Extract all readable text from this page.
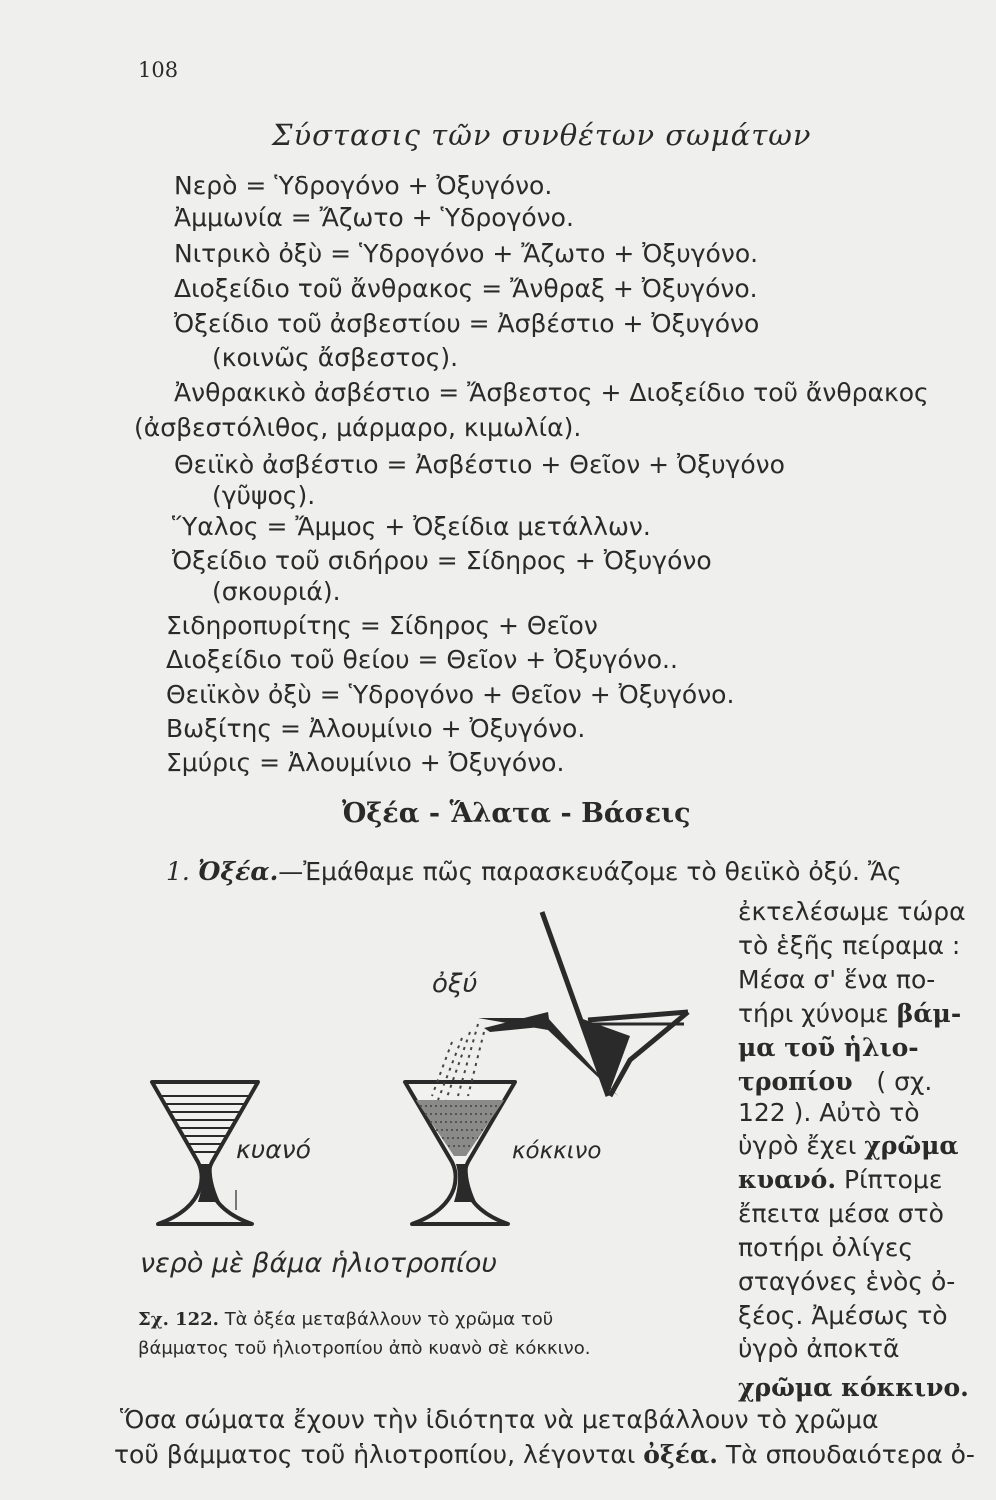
108
Σύστασις τῶν συνθέτων σωμάτων
Νερὸ = Ὑδρογόνο + Ὀξυγόνο.
Ἀμμωνία = Ἄζωτο + Ὑδρογόνο.
Νιτρικὸ ὀξὺ = Ὑδρογόνο + Ἄζωτο + Ὀξυγόνο.
Διοξείδιο τοῦ ἄνθρακος = Ἄνθραξ + Ὀξυγόνο.
Ὀξείδιο τοῦ ἀσβεστίου = Ἀσβέστιο + Ὀξυγόνο
(κοινῶς ἄσβεστος).
Ἀνθρακικὸ ἀσβέστιο = Ἄσβεστος + Διοξείδιο τοῦ ἄνθρακος
(ἀσβεστόλιθος, μάρμαρο, κιμωλία).
Θειϊκὸ ἀσβέστιο = Ἀσβέστιο + Θεῖον + Ὀξυγόνο
(γῦψος).
Ὕαλος = Ἄμμος + Ὀξείδια μετάλλων.
Ὀξείδιο τοῦ σιδήρου = Σίδηρος + Ὀξυγόνο
(σκουριά).
Σιδηροπυρίτης = Σίδηρος + Θεῖον
Διοξείδιο τοῦ θείου = Θεῖον + Ὀξυγόνο..
Θειϊκὸν ὀξὺ = Ὑδρογόνο + Θεῖον + Ὀξυγόνο.
Βωξίτης = Ἀλουμίνιο + Ὀξυγόνο.
Σμύρις = Ἀλουμίνιο + Ὀξυγόνο.
Ὀξέα - Ἅλατα - Βάσεις
1. Ὀξέα.—Ἐμάθαμε πῶς παρασκευάζομε τὸ θειϊκὸ ὀξύ. Ἄς
ἐκτελέσωμε τώρα
τὸ ἑξῆς πείραμα :
Μέσα σ' ἕνα πο-
τήρι χύνομε βάμ-
μα τοῦ ἡλιο-
τροπίου ( σχ.
122 ). Αὐτὸ τὸ
ὑγρὸ ἔχει χρῶμα
κυανό. Ρίπτομε
ἔπειτα μέσα στὸ
ποτήρι ὀλίγες
σταγόνες ἑνὸς ὀ-
ξέος. Ἀμέσως τὸ
ὑγρὸ ἀποκτᾶ
χρῶμα κόκκινο.
Ὅσα σώματα ἔχουν τὴν ἰδιότητα νὰ μεταβάλλουν τὸ χρῶμα
τοῦ βάμματος τοῦ ἡλιοτροπίου, λέγονται ὀξέα. Τὰ σπουδαιότερα ὀ-
ὀξύ
κυανό	κόκκινο
νερὸ μὲ βάμα ἡλιοτροπίου
Σχ. 122. Τὰ ὀξέα μεταβάλλουν τὸ χρῶμα τοῦ
βάμματος τοῦ ἡλιοτροπίου ἀπὸ κυανὸ σὲ κόκκινο.
